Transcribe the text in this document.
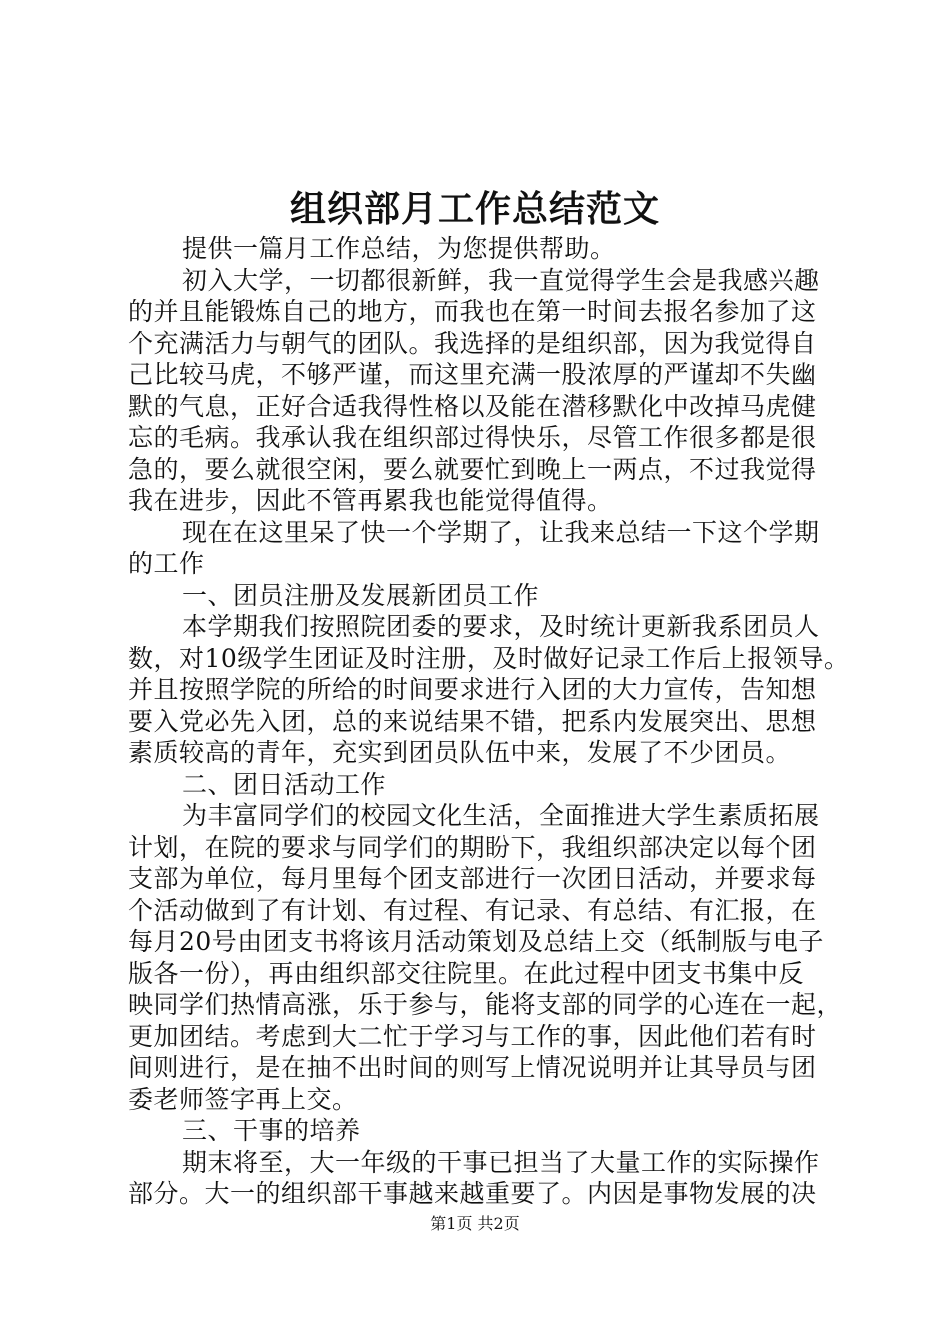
组织部月工作总结范文
提供一篇月工作总结，为您提供帮助。
初入大学，一切都很新鲜，我一直觉得学生会是我感兴趣
的并且能锻炼自己的地方，而我也在第一时间去报名参加了这
个充满活力与朝气的团队。我选择的是组织部，因为我觉得自
己比较马虎，不够严谨，而这里充满一股浓厚的严谨却不失幽
默的气息，正好合适我得性格以及能在潜移默化中改掉马虎健
忘的毛病。我承认我在组织部过得快乐，尽管工作很多都是很
急的，要么就很空闲，要么就要忙到晚上一两点，不过我觉得
我在进步，因此不管再累我也能觉得值得。
现在在这里呆了快一个学期了，让我来总结一下这个学期
的工作
一、团员注册及发展新团员工作
本学期我们按照院团委的要求，及时统计更新我系团员人
数，对10级学生团证及时注册，及时做好记录工作后上报领导。
并且按照学院的所给的时间要求进行入团的大力宣传，告知想
要入党必先入团，总的来说结果不错，把系内发展突出、思想
素质较高的青年，充实到团员队伍中来，发展了不少团员。
二、团日活动工作
为丰富同学们的校园文化生活，全面推进大学生素质拓展
计划，在院的要求与同学们的期盼下，我组织部决定以每个团
支部为单位，每月里每个团支部进行一次团日活动，并要求每
个活动做到了有计划、有过程、有记录、有总结、有汇报，在
每月20号由团支书将该月活动策划及总结上交（纸制版与电子
版各一份），再由组织部交往院里。在此过程中团支书集中反
映同学们热情高涨，乐于参与，能将支部的同学的心连在一起，
更加团结。考虑到大二忙于学习与工作的事，因此他们若有时
间则进行，是在抽不出时间的则写上情况说明并让其导员与团
委老师签字再上交。
三、干事的培养
期末将至，大一年级的干事已担当了大量工作的实际操作
部分。大一的组织部干事越来越重要了。内因是事物发展的决
第1页 共2页
